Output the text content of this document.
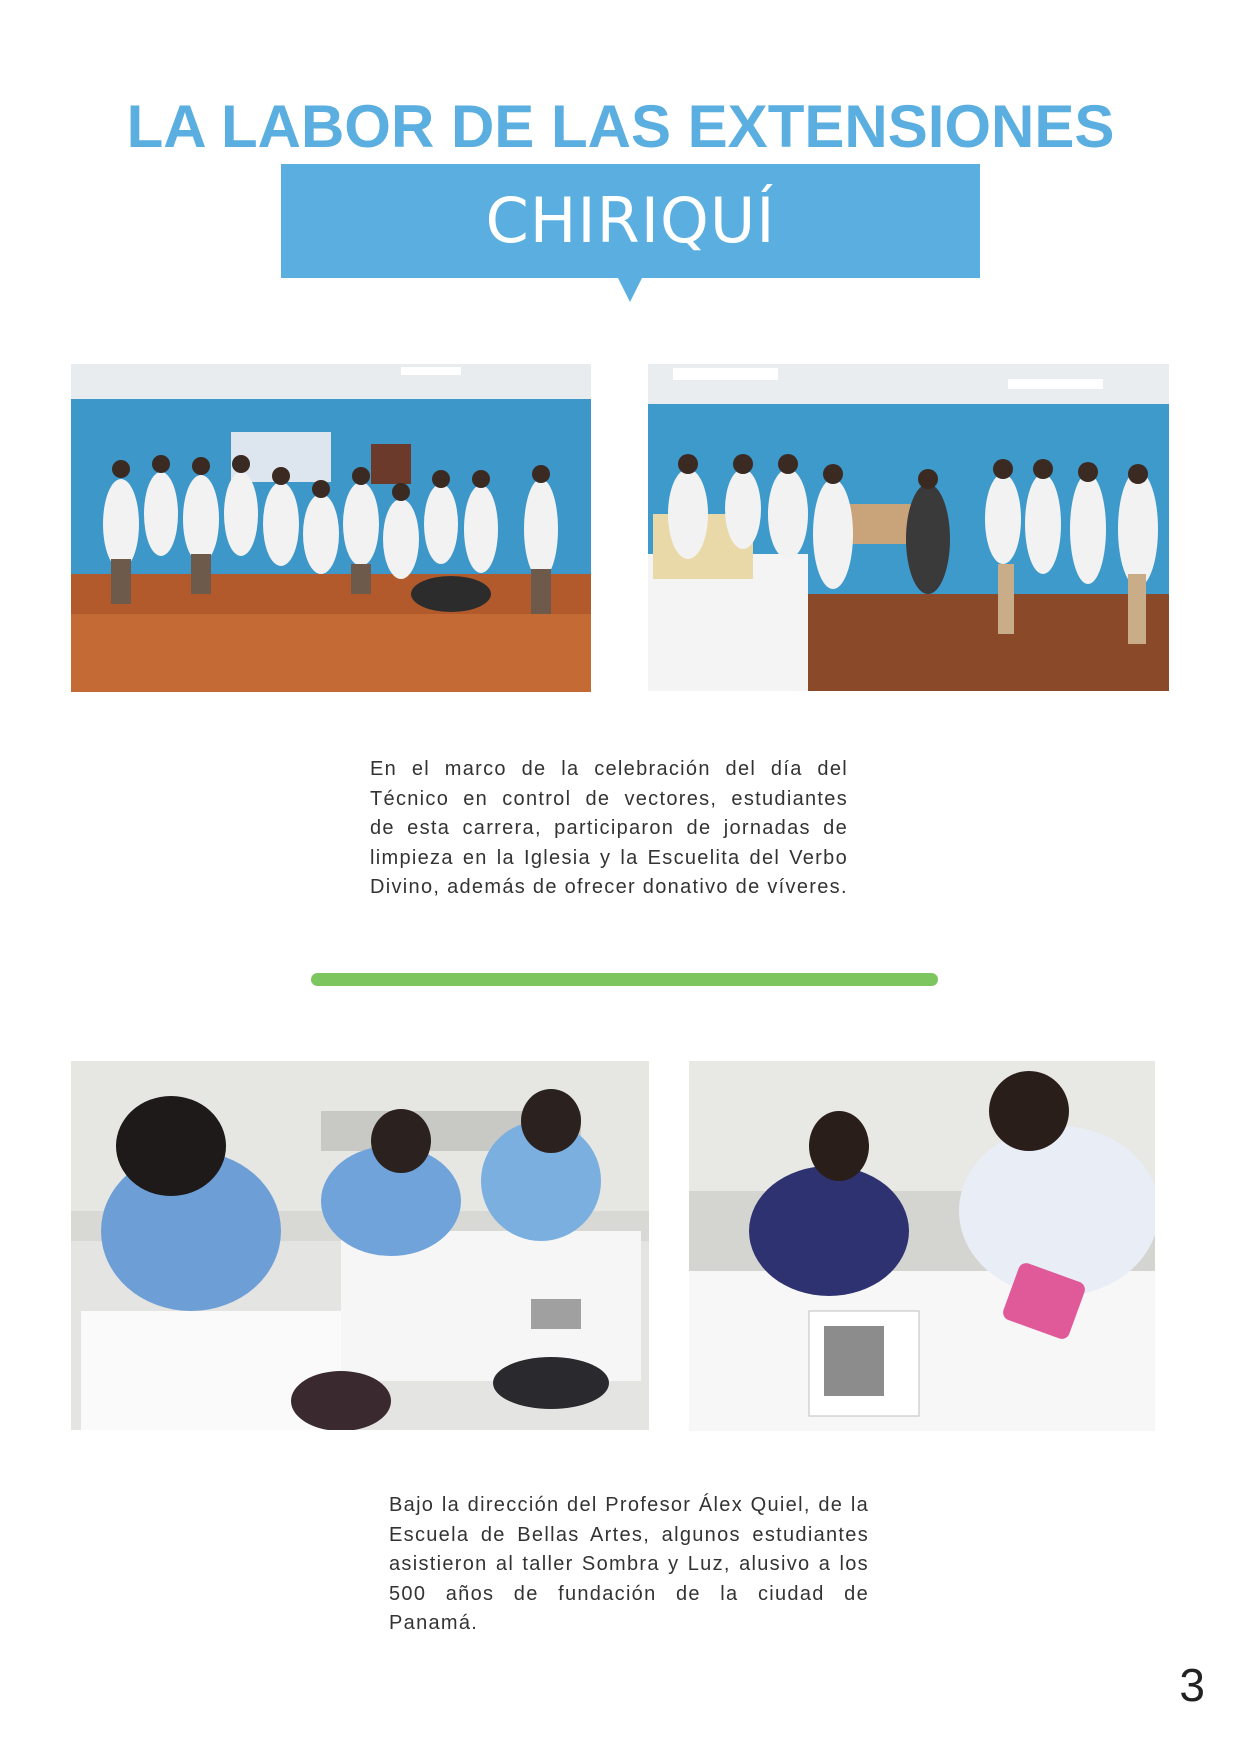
LA LABOR DE LAS EXTENSIONES
CHIRIQUÍ
En el marco de la celebración del día del
Técnico en control de vectores, estudiantes
de esta carrera, participaron de jornadas de
limpieza en la Iglesia y la Escuelita del Verbo
Divino, además de ofrecer donativo de víveres.
Bajo la dirección del Profesor Álex Quiel, de la
Escuela de Bellas Artes, algunos estudiantes
asistieron al taller Sombra y Luz, alusivo a los
500 años de fundación de la ciudad de Panamá.
3
